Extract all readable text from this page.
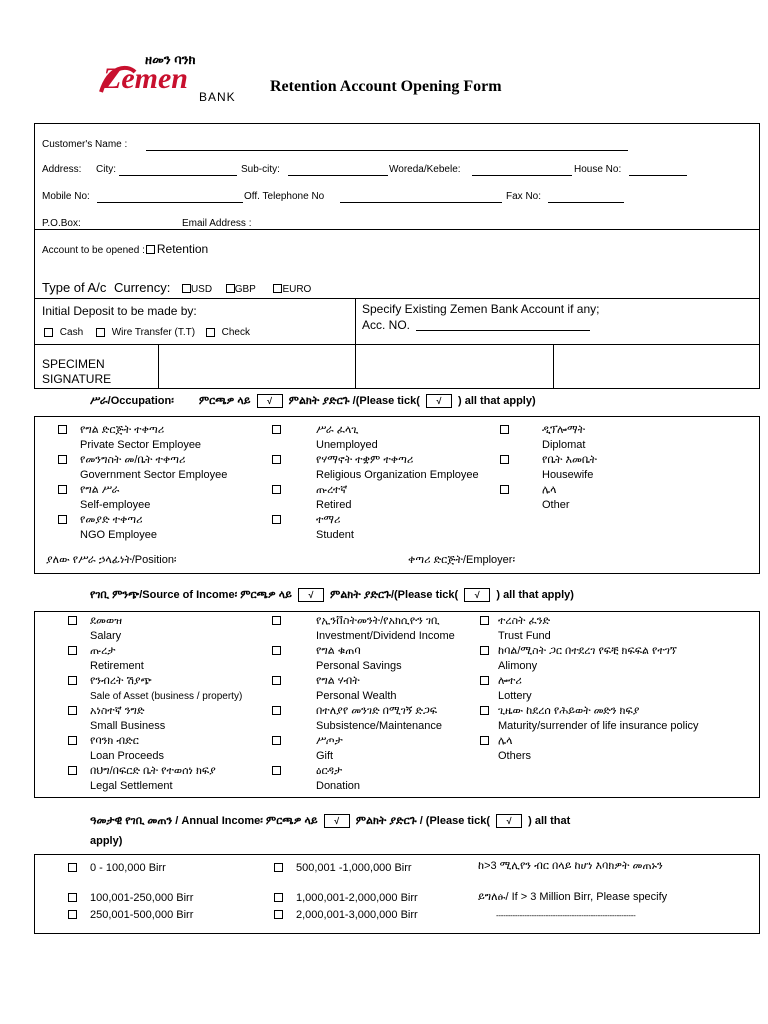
ዘመን ባንክ
Zemen
BANK
Retention Account Opening Form
Customer's Name :
Address: City:	Sub-city:	Woreda/Kebele:	House No:
Mobile No:	Off. Telephone No	Fax No:
P.O.Box:	Email Address :
Account to be opened : Retention
Type of A/c Currency: USD GBP	EURO
Initial Deposit to be made by:
Cash	Wire Transfer (T.T)	Check
Specify Existing Zemen Bank Account if any;
Acc. NO.
SPECIMEN
SIGNATURE
ሥራ/Occupation፡ ምርጫዎ ላይ √ ምልክት ያድርጉ /(Please tick( √ ) all that apply)
የግል ድርጅት ተቀጣሪ
Private Sector Employee
የመንግስት መ/ቤት ተቀጣሪ
Government Sector Employee
የግል ሥራ
Self-employee
የመያድ ተቀጣሪ
NGO Employee
ሥራ ፈላጊ
Unemployed
የሃማኖት ተቋም ተቀጣሪ
Religious Organization Employee
ጡረተኛ
Retired
ተማሪ
Student
ዲፕሎማት
Diplomat
የቤት እመቤት
Housewife
ሌላ
Other
ያለው የሥራ ኃላፊነት/Position፡	ቀጣሪ ድርጅት/Employer፡
የገቢ ምንጭ/Source of Income፡ ምርጫዎ ላይ √ ምልክት ያድርጉ/(Please tick( √ ) all that apply)
ደመወዝ
Salary
ጡረታ
Retirement
የንብረት ሽያጭ
Sale of Asset (business / property)
አነስተኛ ንግድ
Small Business
የባንክ ብድር
Loan Proceeds
በህግ/በፍርድ ቤት የተወሰነ ክፍያ
Legal Settlement
የኢንቨስትመንት/የአክሲዮን ገቢ
Investment/Dividend Income
የግል ቁጠባ
Personal Savings
የግል ሃብት
Personal Wealth
በተለያየ መንገድ በሚገኝ ድጋፍ
Subsistence/Maintenance
ሥጦታ
Gift
ዕርዳታ
Donation
ተረስት ፈንድ
Trust Fund
ከባል/ሚስት ጋር በተደረገ የፍቺ ክፍፍል የተገኘ
Alimony
ሎተሪ
Lottery
ጊዜው ከደረሰ የሕይወት መድን ክፍያ
Maturity/surrender of life insurance policy
ሌላ
Others
ዓመታዊ የገቢ መጠን / Annual Income፡ ምርጫዎ ላይ √ ምልክት ያድርጉ / (Please tick( √ ) all that
apply)
0 - 100,000 Birr
100,001-250,000 Birr
250,001-500,000 Birr
500,001 -1,000,000 Birr
1,000,001-2,000,000 Birr
2,000,001-3,000,000 Birr
ከ>3 ሚሊየን ብር በላይ ከሆነ እባክዎት መጠኑን
ይግለፁ/ If > 3 Million Birr, Please specify
-----------------------------------------------------------
